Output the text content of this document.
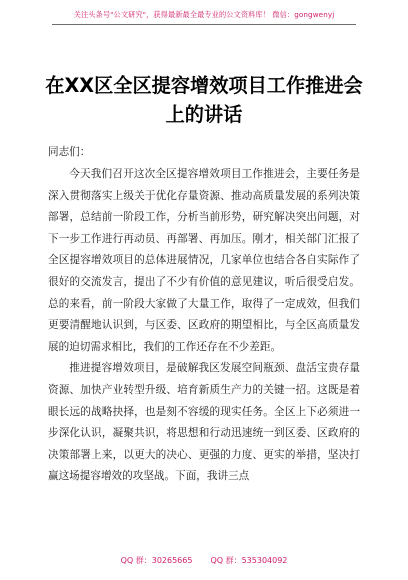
关注头条号"公文研究"，获得最新最全最专业的公文资料库！ 微信：gongwenyj
在XX区全区提容增效项目工作推进会上的讲话
同志们：

今天我们召开这次全区提容增效项目工作推进会，主要任务是深入贯彻落实上级关于优化存量资源、推动高质量发展的系列决策部署，总结前一阶段工作，分析当前形势，研究解决突出问题，对下一步工作进行再动员、再部署、再加压。刚才，相关部门汇报了全区提容增效项目的总体进展情况，几家单位也结合各自实际作了很好的交流发言，提出了不少有价值的意见建议，听后很受启发。总的来看，前一阶段大家做了大量工作，取得了一定成效，但我们更要清醒地认识到，与区委、区政府的期望相比，与全区高质量发展的迫切需求相比，我们的工作还存在不少差距。

推进提容增效项目，是破解我区发展空间瓶颈、盘活宝贵存量资源、加快产业转型升级、培育新质生产力的关键一招。这既是着眼长远的战略抉择，也是刻不容缓的现实任务。全区上下必须进一步深化认识，凝聚共识，将思想和行动迅速统一到区委、区政府的决策部署上来，以更大的决心、更强的力度、更实的举措，坚决打赢这场提容增效的攻坚战。下面，我讲三点

QQ 群：30265665 QQ 群：535304092
